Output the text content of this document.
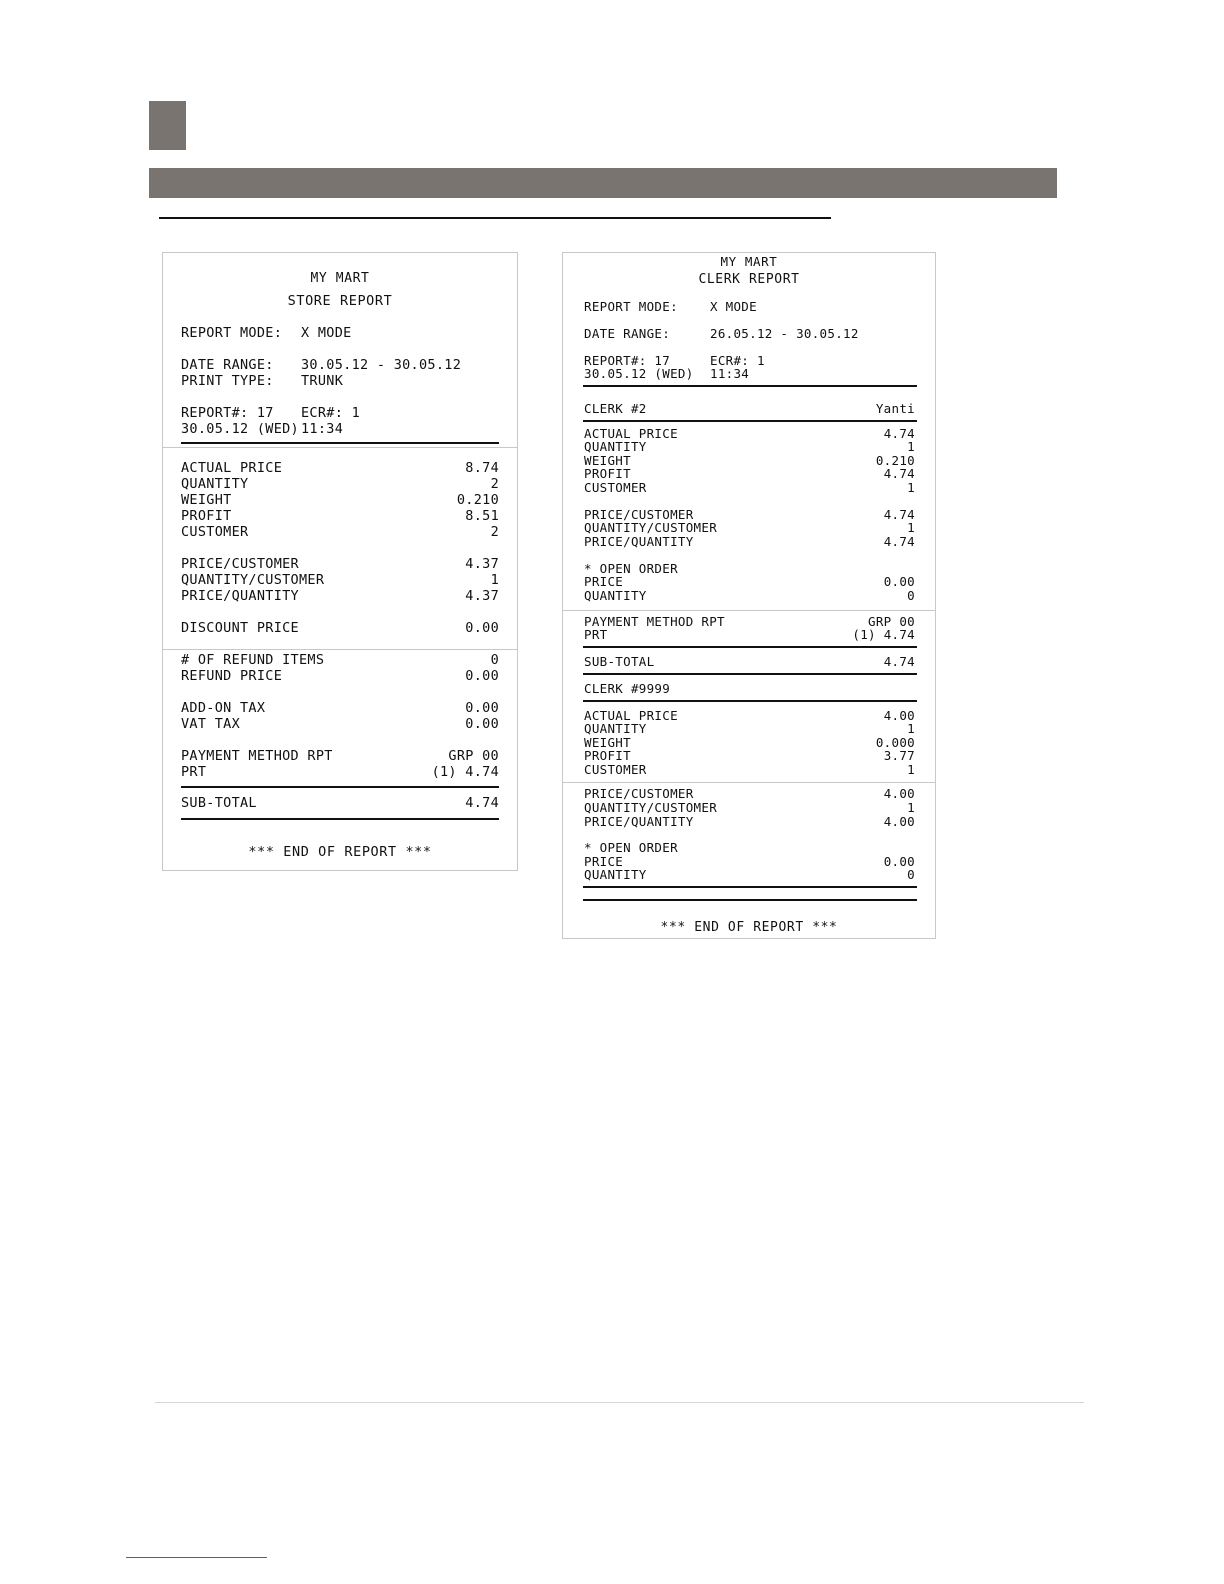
MY MART
STORE REPORT
REPORT MODE: X MODE
DATE RANGE: 30.05.12 - 30.05.12
PRINT TYPE: TRUNK
REPORT#: 17 ECR#: 1
30.05.12 (WED) 11:34
ACTUAL PRICE	8.74
QUANTITY	2
WEIGHT	0.210
PROFIT	8.51
CUSTOMER	2
PRICE/CUSTOMER	4.37
QUANTITY/CUSTOMER	1
PRICE/QUANTITY	4.37
DISCOUNT PRICE	0.00
# OF REFUND ITEMS	0
REFUND PRICE	0.00
ADD-ON TAX	0.00
VAT TAX	0.00
PAYMENT METHOD RPT	GRP 00
PRT	(1) 4.74
SUB-TOTAL	4.74
*** END OF REPORT ***
MY MART
CLERK REPORT
REPORT MODE:	X MODE
DATE RANGE:	26.05.12 - 30.05.12
REPORT#: 17	ECR#: 1
30.05.12 (WED) 11:34
CLERK #2	Yanti
ACTUAL PRICE	4.74
QUANTITY	1
WEIGHT	0.210
PROFIT	4.74
CUSTOMER	1
PRICE/CUSTOMER	4.74
QUANTITY/CUSTOMER	1
PRICE/QUANTITY	4.74
* OPEN ORDER
PRICE	0.00
QUANTITY	0
PAYMENT METHOD RPT	GRP 00
PRT	(1) 4.74
SUB-TOTAL	4.74
CLERK #9999
ACTUAL PRICE	4.00
QUANTITY	1
WEIGHT	0.000
PROFIT	3.77
CUSTOMER	1
PRICE/CUSTOMER	4.00
QUANTITY/CUSTOMER	1
PRICE/QUANTITY	4.00
* OPEN ORDER
PRICE	0.00
QUANTITY	0
*** END OF REPORT ***
